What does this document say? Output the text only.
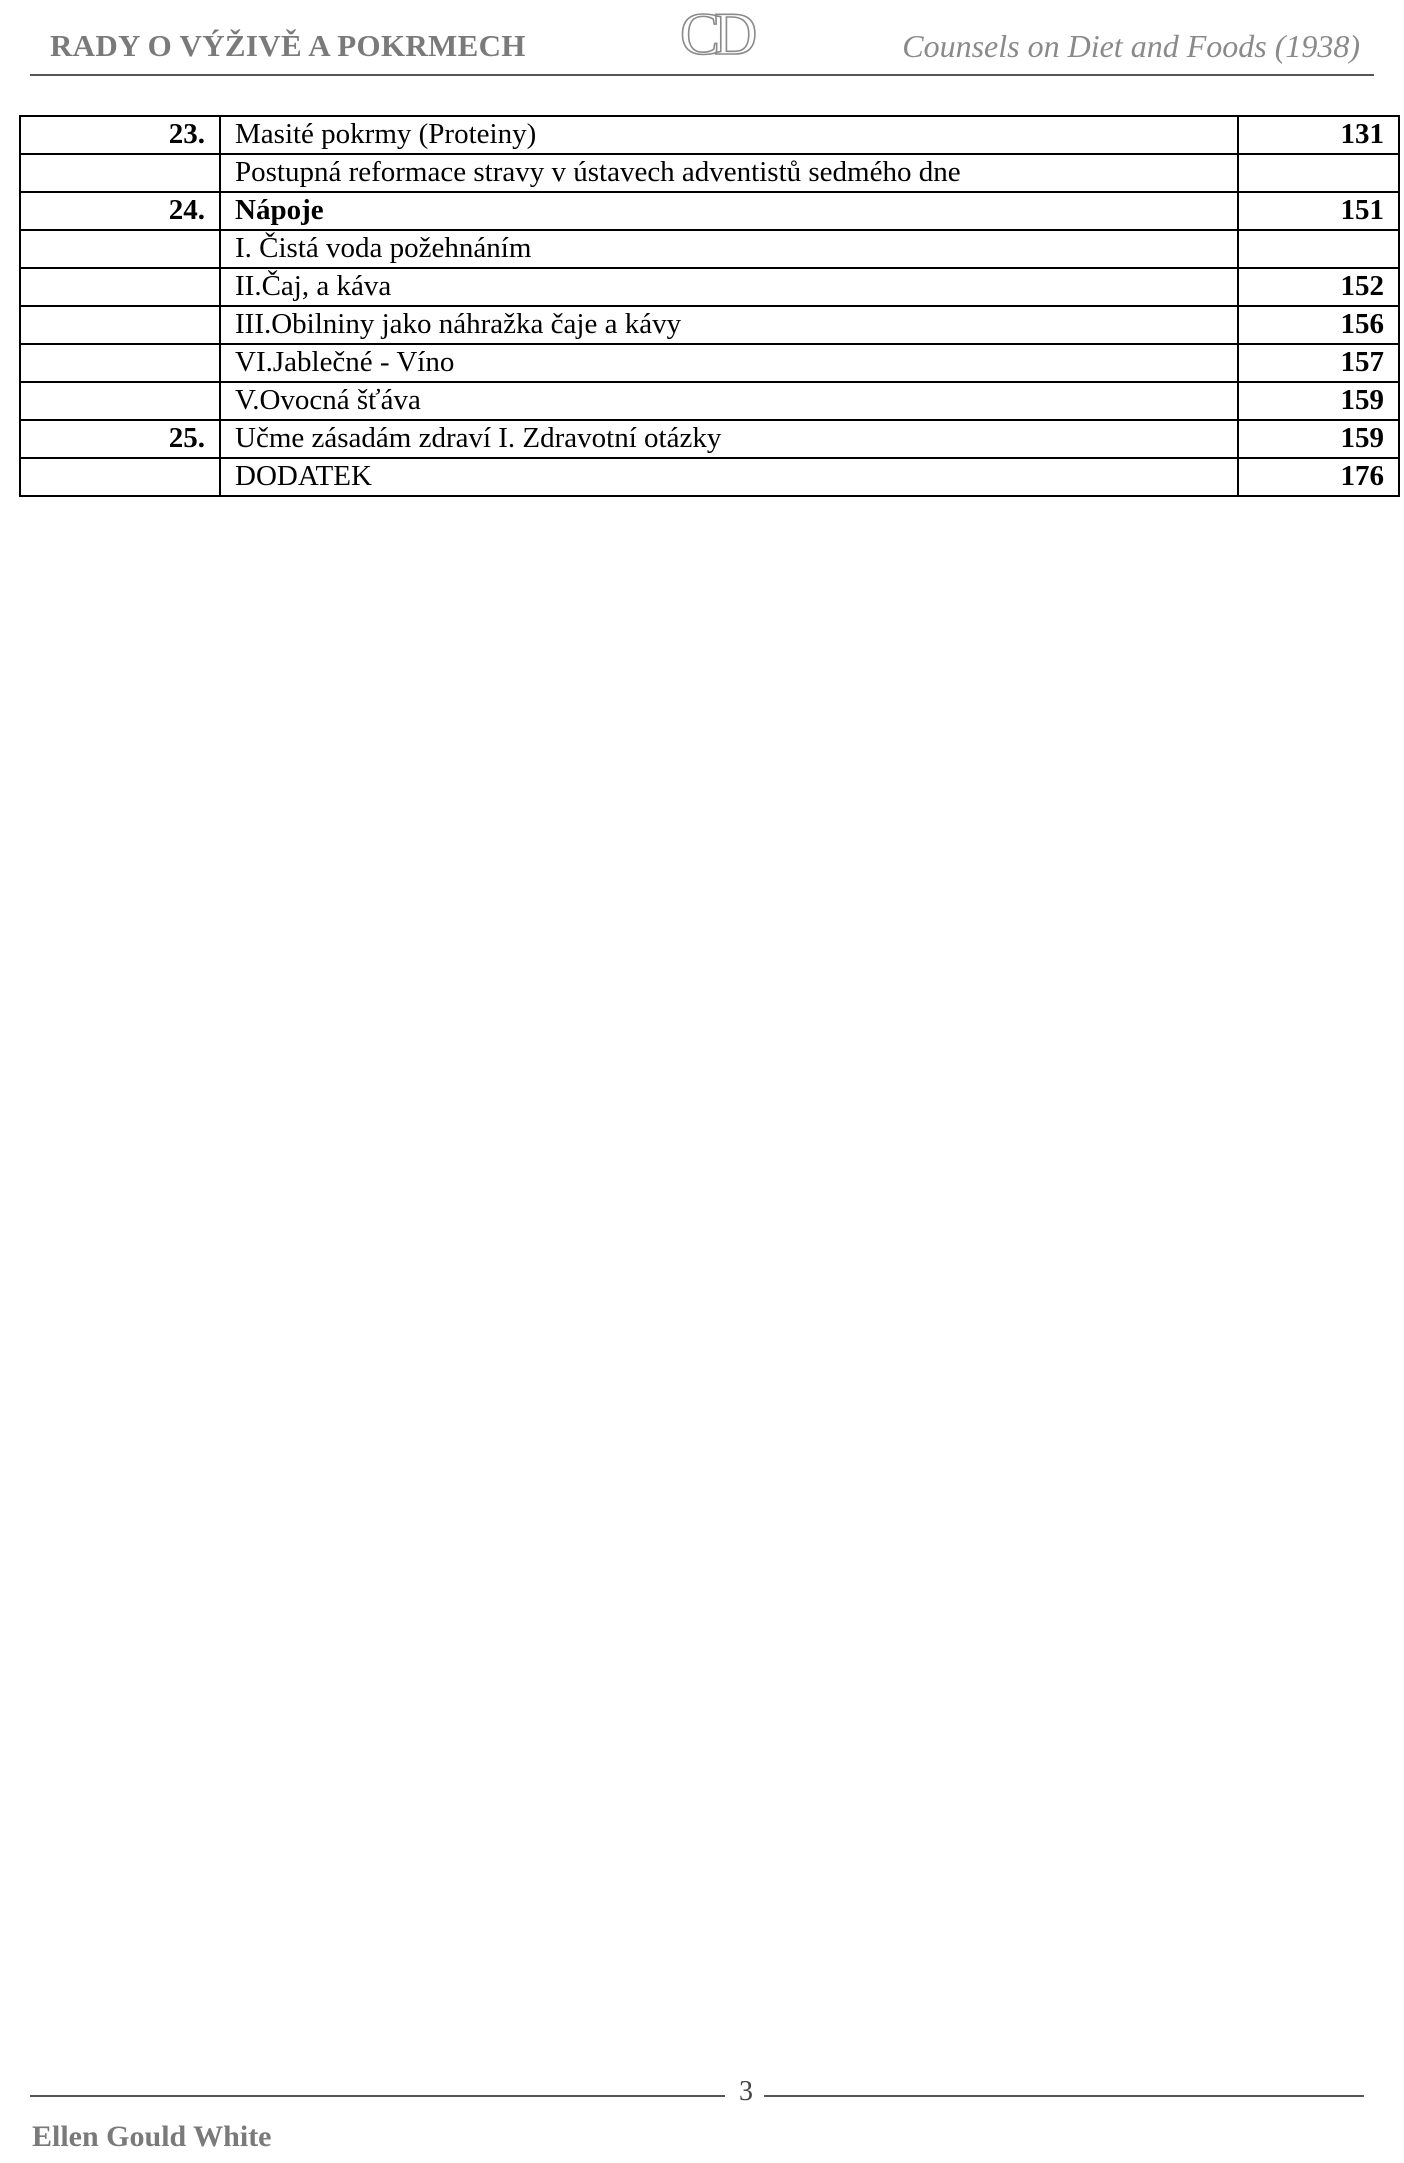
RADY O VÝŽIVĚ A POKRMECH	CD	Counsels on Diet and Foods (1938)
23.	Masité pokrmy (Proteiny)	131
	Postupná reformace stravy v ústavech adventistů sedmého dne	
24.	Nápoje	151
	I. Čistá voda požehnáním	
	II.Čaj, a káva	152
	III.Obilniny jako náhražka čaje a kávy	156
	VI.Jablečné - Víno	157
	V.Ovocná šťáva	159
25.	Učme zásadám zdraví I. Zdravotní otázky	159
	DODATEK	176
3
Ellen Gould White
